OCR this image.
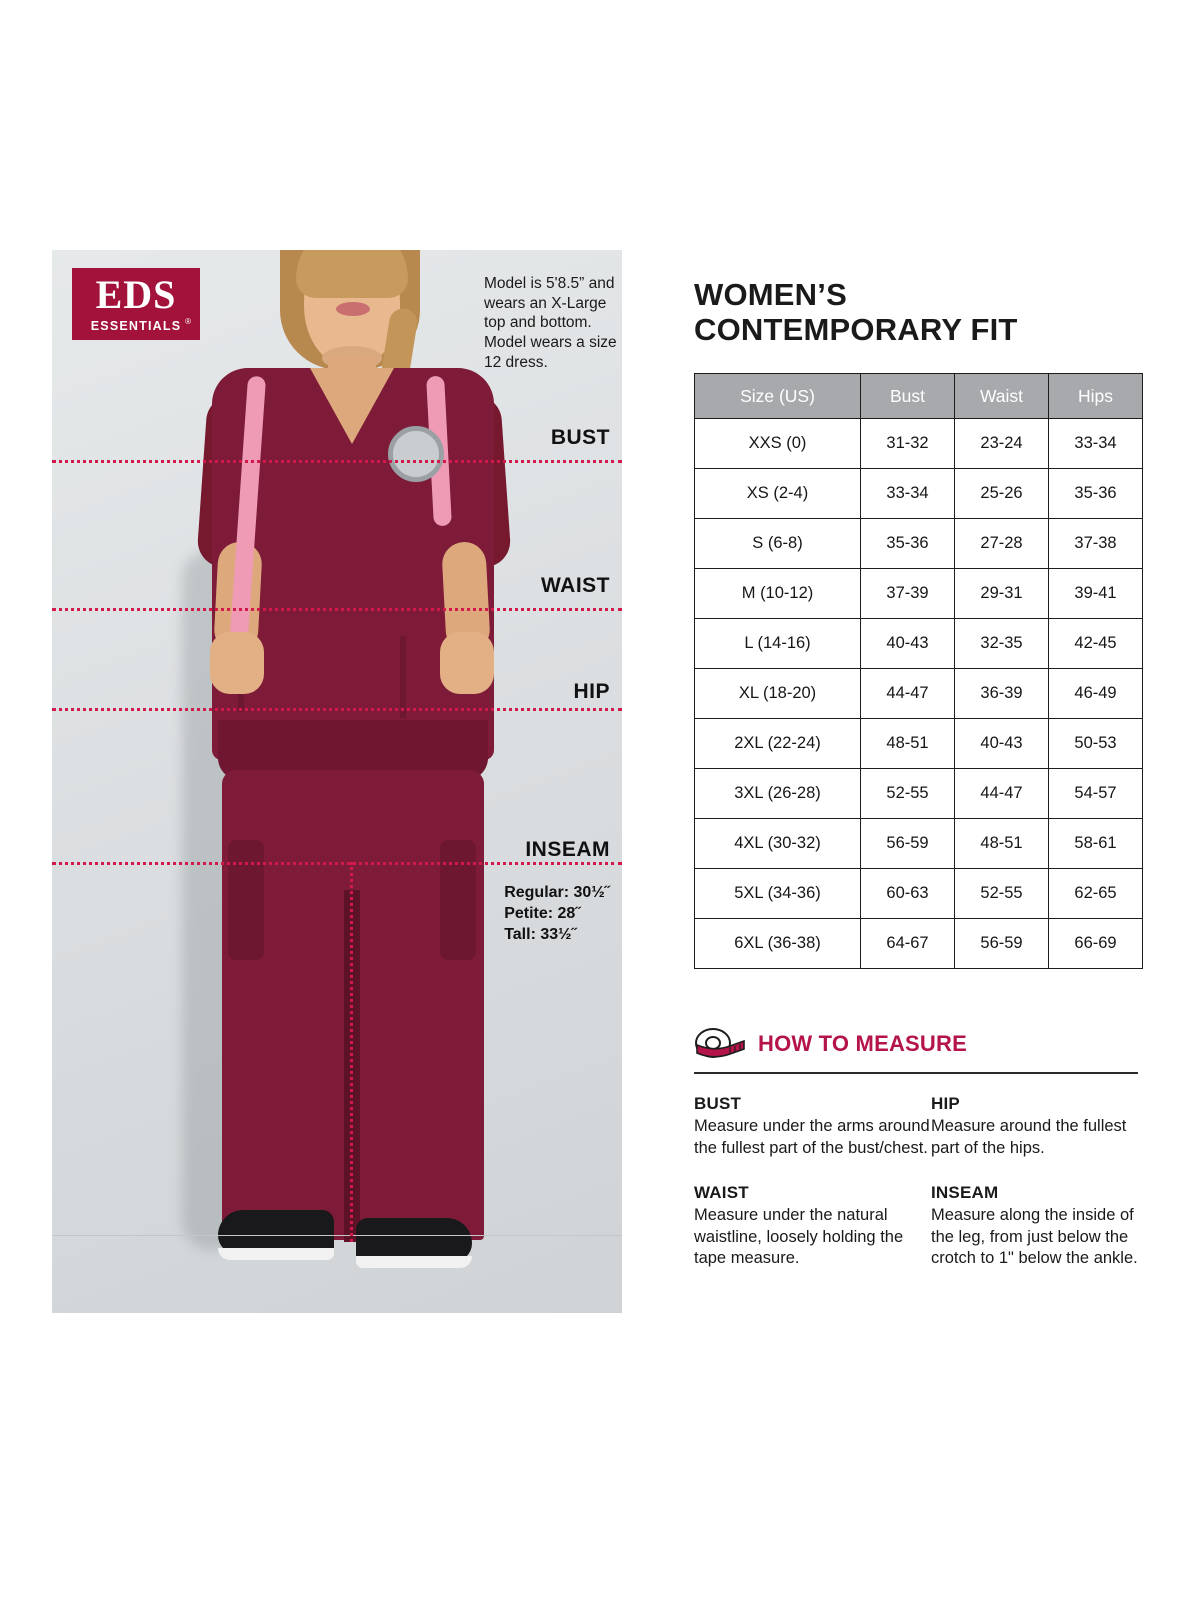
EDS
ESSENTIALS ®
Model is 5'8.5” and wears an X-Large top and bottom. Model wears a size 12 dress.
BUST
WAIST
HIP
INSEAM
Regular: 30½˝
Petite: 28˝
Tall: 33½˝
WOMEN’S
CONTEMPORARY FIT
Size (US)	Bust	Waist	Hips
XXS (0)	31-32	23-24	33-34
XS (2-4)	33-34	25-26	35-36
S (6-8)	35-36	27-28	37-38
M (10-12)	37-39	29-31	39-41
L (14-16)	40-43	32-35	42-45
XL (18-20)	44-47	36-39	46-49
2XL (22-24)	48-51	40-43	50-53
3XL (26-28)	52-55	44-47	54-57
4XL (30-32)	56-59	48-51	58-61
5XL (34-36)	60-63	52-55	62-65
6XL (36-38)	64-67	56-59	66-69
HOW TO MEASURE
BUST
Measure under the arms around the fullest part of the bust/chest.
HIP
Measure around the fullest part of the hips.
WAIST
Measure under the natural waistline, loosely holding the tape measure.
INSEAM
Measure along the inside of the leg, from just below the crotch to 1" below the ankle.
